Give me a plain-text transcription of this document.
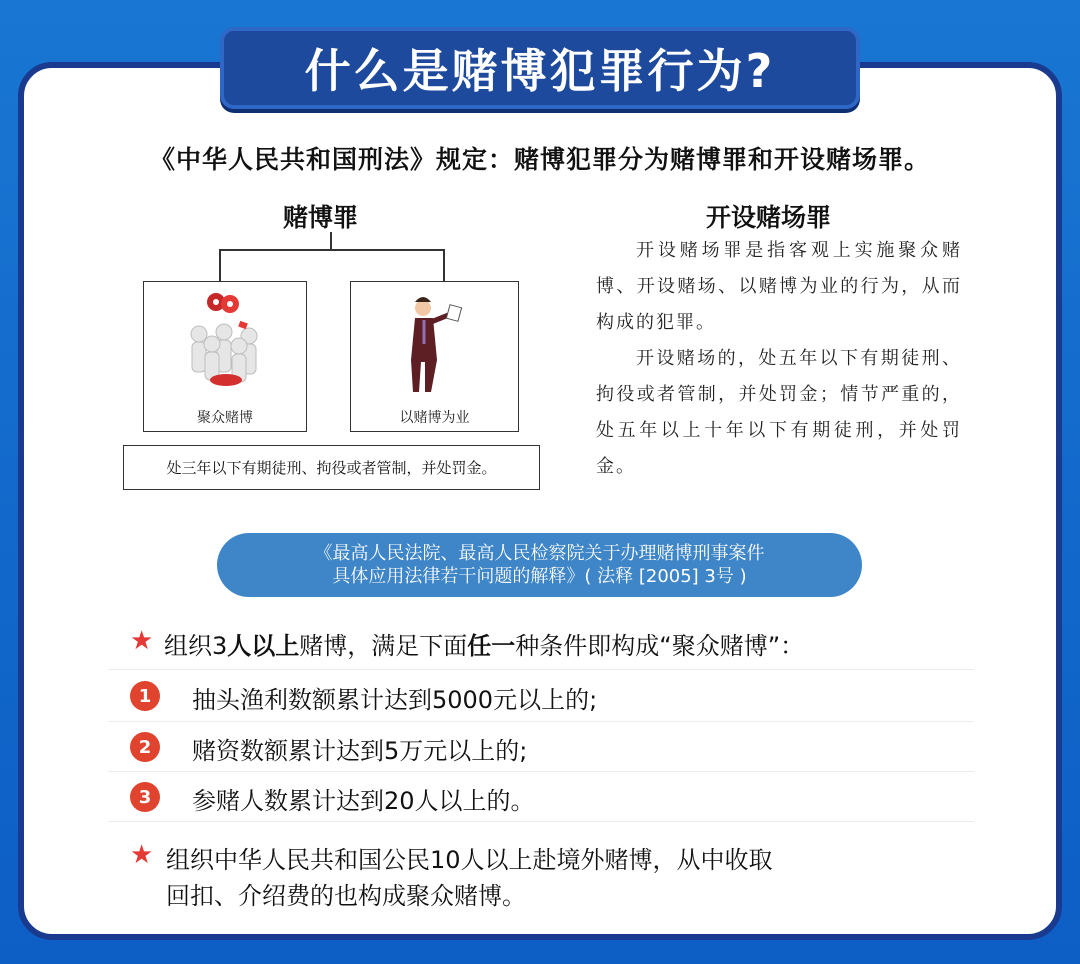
什么是赌博犯罪行为?
《中华人民共和国刑法》规定：赌博犯罪分为赌博罪和开设赌场罪。
赌博罪
聚众赌博	以赌博为业
处三年以下有期徒刑、拘役或者管制，并处罚金。
开设赌场罪
开设赌场罪是指客观上实施聚众赌博、开设赌场、以赌博为业的行为，从而构成的犯罪。
开设赌场的，处五年以下有期徒刑、拘役或者管制，并处罚金；情节严重的，处五年以上十年以下有期徒刑，并处罚金。
《最高人民法院、最高人民检察院关于办理赌博刑事案件
具体应用法律若干问题的解释》( 法释 [2005] 3号 )
★ 组织3人以上赌博，满足下面任一种条件即构成“聚众赌博”：
1	抽头渔利数额累计达到5000元以上的;
2	赌资数额累计达到5万元以上的;
3	参赌人数累计达到20人以上的。
★ 组织中华人民共和国公民10人以上赴境外赌博，从中收取
回扣、介绍费的也构成聚众赌博。
